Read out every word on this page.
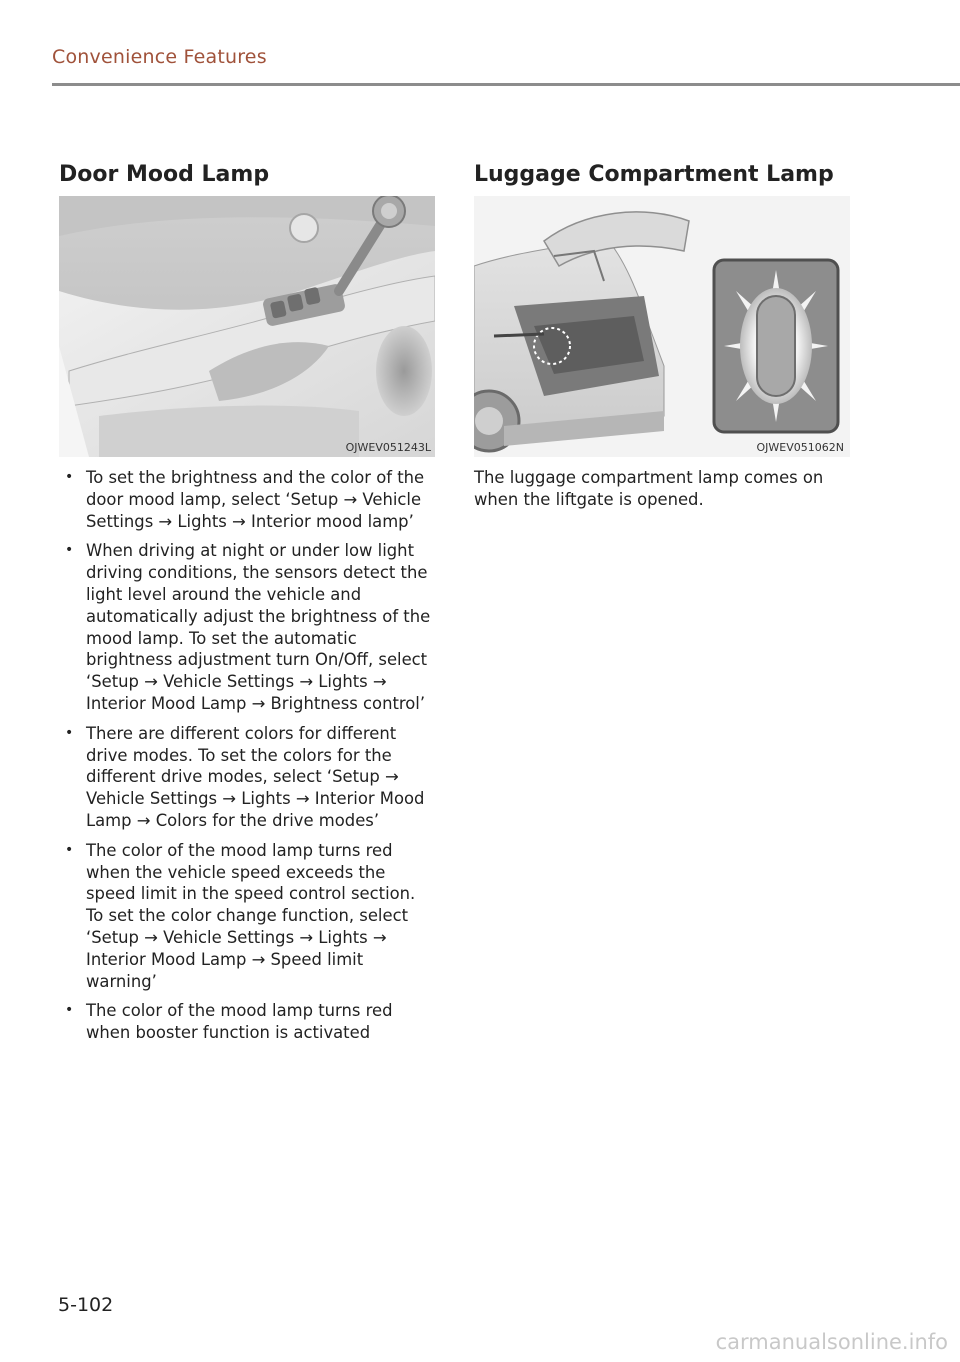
Convenience Features
Door Mood Lamp	Luggage Compartment Lamp
OJWEV051243L	OJWEV051062N
• To set the brightness and the color of the door mood lamp, select ‘Setup → Vehicle Settings → Lights → Interior mood lamp’
• When driving at night or under low light driving conditions, the sensors detect the light level around the vehicle and automatically adjust the brightness of the mood lamp. To set the automatic brightness adjustment turn On/Off, select ‘Setup → Vehicle Settings → Lights → Interior Mood Lamp → Brightness control’
• There are different colors for different drive modes. To set the colors for the different drive modes, select ‘Setup → Vehicle Settings → Lights → Interior Mood Lamp → Colors for the drive modes’
• The color of the mood lamp turns red when the vehicle speed exceeds the speed limit in the speed control section. To set the color change function, select ‘Setup → Vehicle Settings → Lights → Interior Mood Lamp → Speed limit warning’
• The color of the mood lamp turns red when booster function is activated

The luggage compartment lamp comes on when the liftgate is opened.

5-102
carmanualsonline.info
